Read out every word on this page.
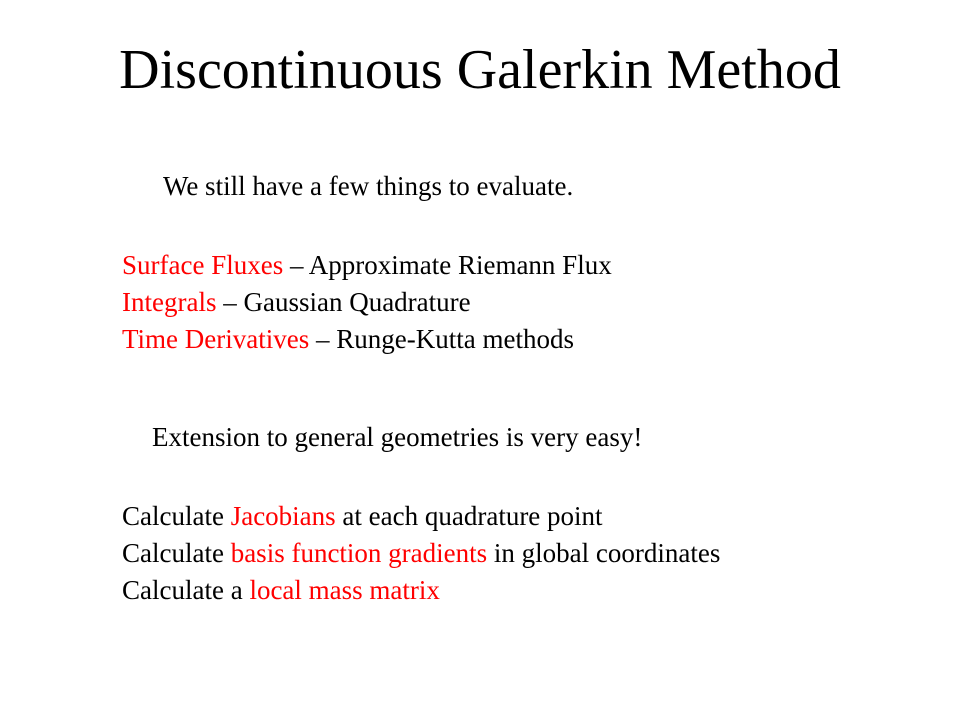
Discontinuous Galerkin Method
We still have a few things to evaluate.
Surface Fluxes – Approximate Riemann Flux
Integrals – Gaussian Quadrature
Time Derivatives – Runge-Kutta methods
Extension to general geometries is very easy!
Calculate Jacobians at each quadrature point
Calculate basis function gradients in global coordinates
Calculate a local mass matrix
